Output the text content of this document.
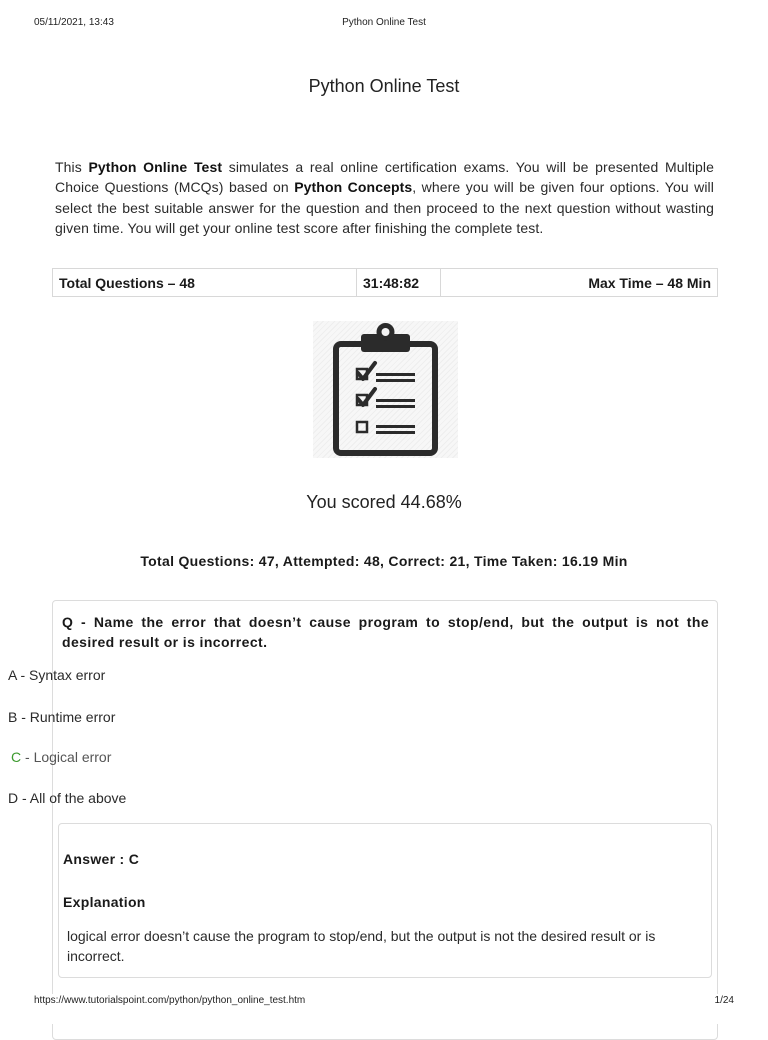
05/11/2021, 13:43	Python Online Test
Python Online Test
This Python Online Test simulates a real online certification exams. You will be presented Multiple Choice Questions (MCQs) based on Python Concepts, where you will be given four options. You will select the best suitable answer for the question and then proceed to the next question without wasting given time. You will get your online test score after finishing the complete test.
Total Questions – 48	31:48:82	Max Time – 48 Min
You scored 44.68%
Total Questions: 47, Attempted: 48, Correct: 21, Time Taken: 16.19 Min
Q - Name the error that doesn’t cause program to stop/end, but the output is not the desired result or is incorrect.
A - Syntax error
B - Runtime error
C - Logical error
D - All of the above
Answer : C
Explanation
logical error doesn’t cause the program to stop/end, but the output is not the desired result or is incorrect.
https://www.tutorialspoint.com/python/python_online_test.htm	1/24
